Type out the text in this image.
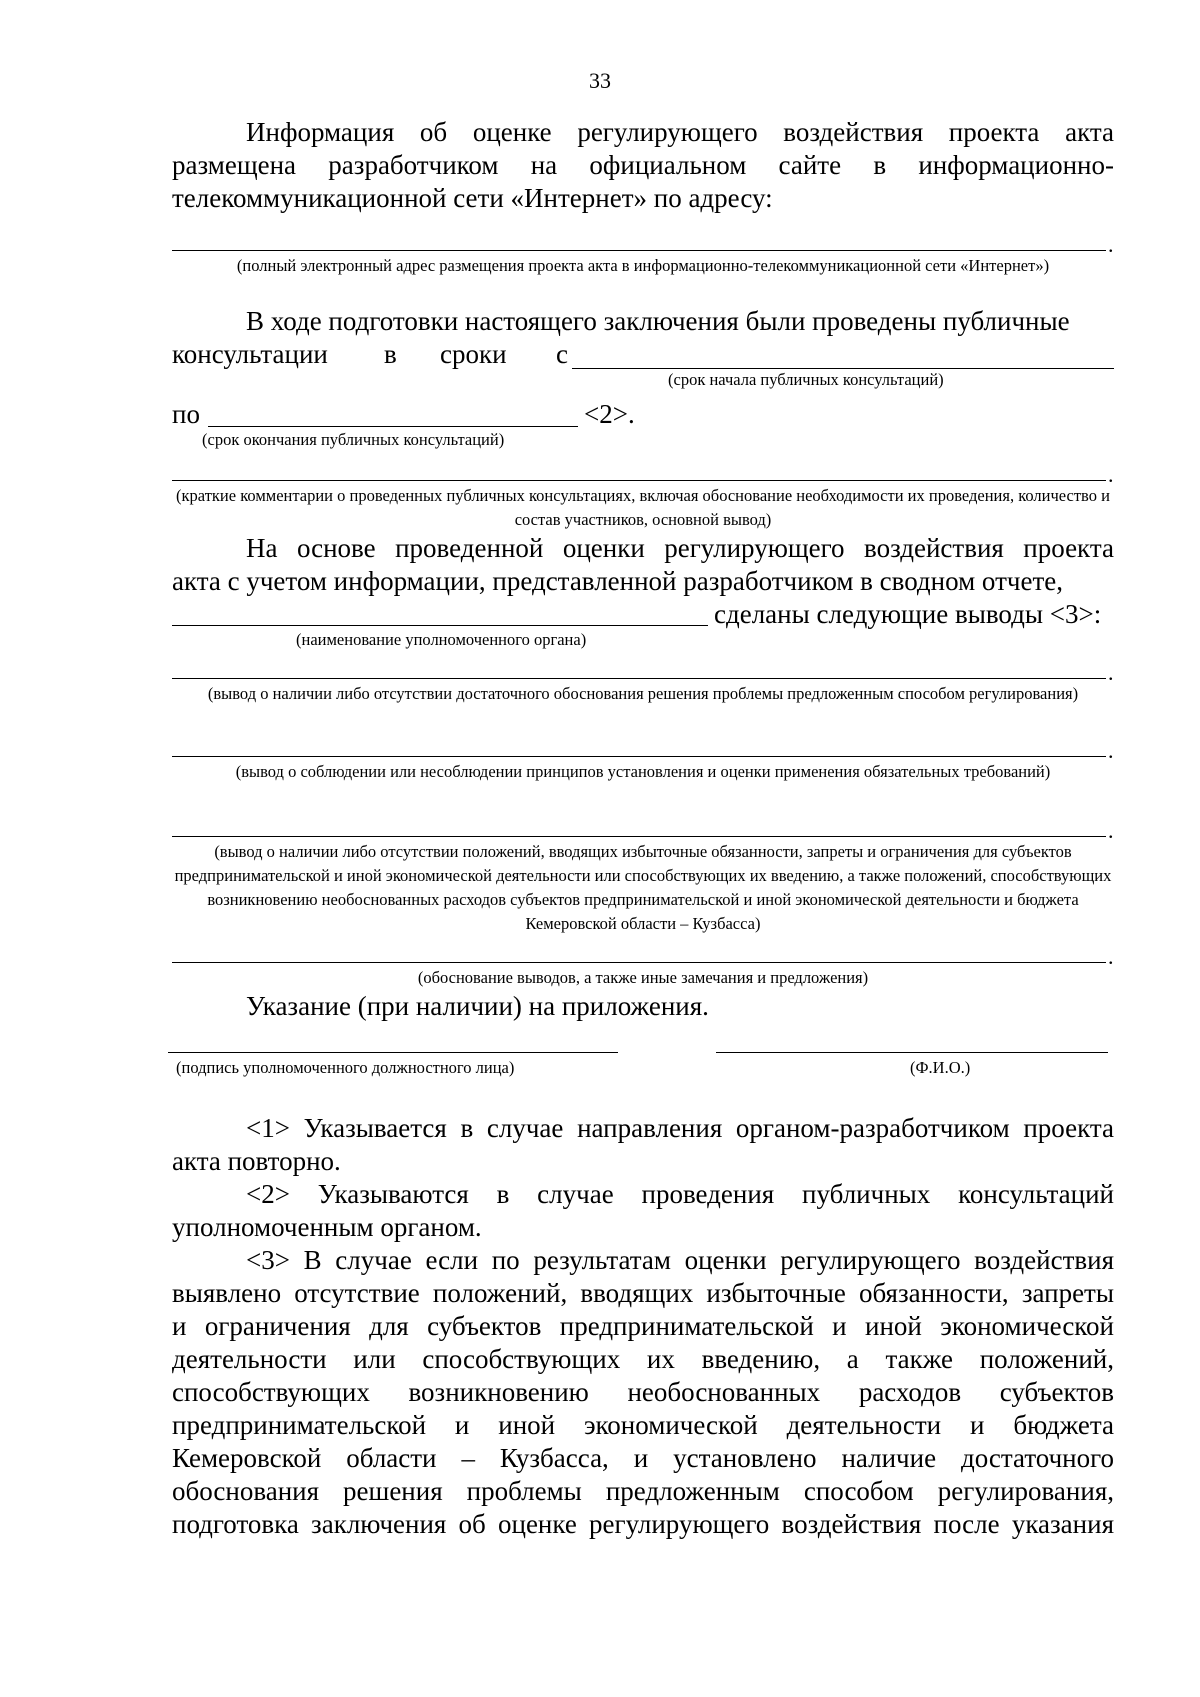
33
Информация об оценке регулирующего воздействия проекта акта
размещена разработчиком на официальном сайте в информационно-
телекоммуникационной сети «Интернет» по адресу:
.
(полный электронный адрес размещения проекта акта в информационно-телекоммуникационной сети «Интернет»)
В ходе подготовки настоящего заключения были проведены публичные
консультации в сроки с
(срок начала публичных консультаций)
по	<2>.
(срок окончания публичных консультаций)
.
(краткие комментарии о проведенных публичных консультациях, включая обоснование необходимости их проведения, количество и состав участников, основной вывод)
На основе проведенной оценки регулирующего воздействия проекта
акта с учетом информации, представленной разработчиком в сводном отчете,
сделаны следующие выводы <3>:
(наименование уполномоченного органа)
.
(вывод о наличии либо отсутствии достаточного обоснования решения проблемы предложенным способом регулирования)
.
(вывод о соблюдении или несоблюдении принципов установления и оценки применения обязательных требований)
.
(вывод о наличии либо отсутствии положений, вводящих избыточные обязанности, запреты и ограничения для субъектов предпринимательской и иной экономической деятельности или способствующих их введению, а также положений, способствующих возникновению необоснованных расходов субъектов предпринимательской и иной экономической деятельности и бюджета Кемеровской области – Кузбасса)
.
(обоснование выводов, а также иные замечания и предложения)
Указание (при наличии) на приложения.
(подпись уполномоченного должностного лица)	(Ф.И.О.)
<1> Указывается в случае направления органом-разработчиком проекта
акта повторно.
<2> Указываются в случае проведения публичных консультаций
уполномоченным органом.
<3> В случае если по результатам оценки регулирующего воздействия
выявлено отсутствие положений, вводящих избыточные обязанности, запреты
и ограничения для субъектов предпринимательской и иной экономической
деятельности или способствующих их введению, а также положений,
способствующих возникновению необоснованных расходов субъектов
предпринимательской и иной экономической деятельности и бюджета
Кемеровской области – Кузбасса, и установлено наличие достаточного
обоснования решения проблемы предложенным способом регулирования,
подготовка заключения об оценке регулирующего воздействия после указания
